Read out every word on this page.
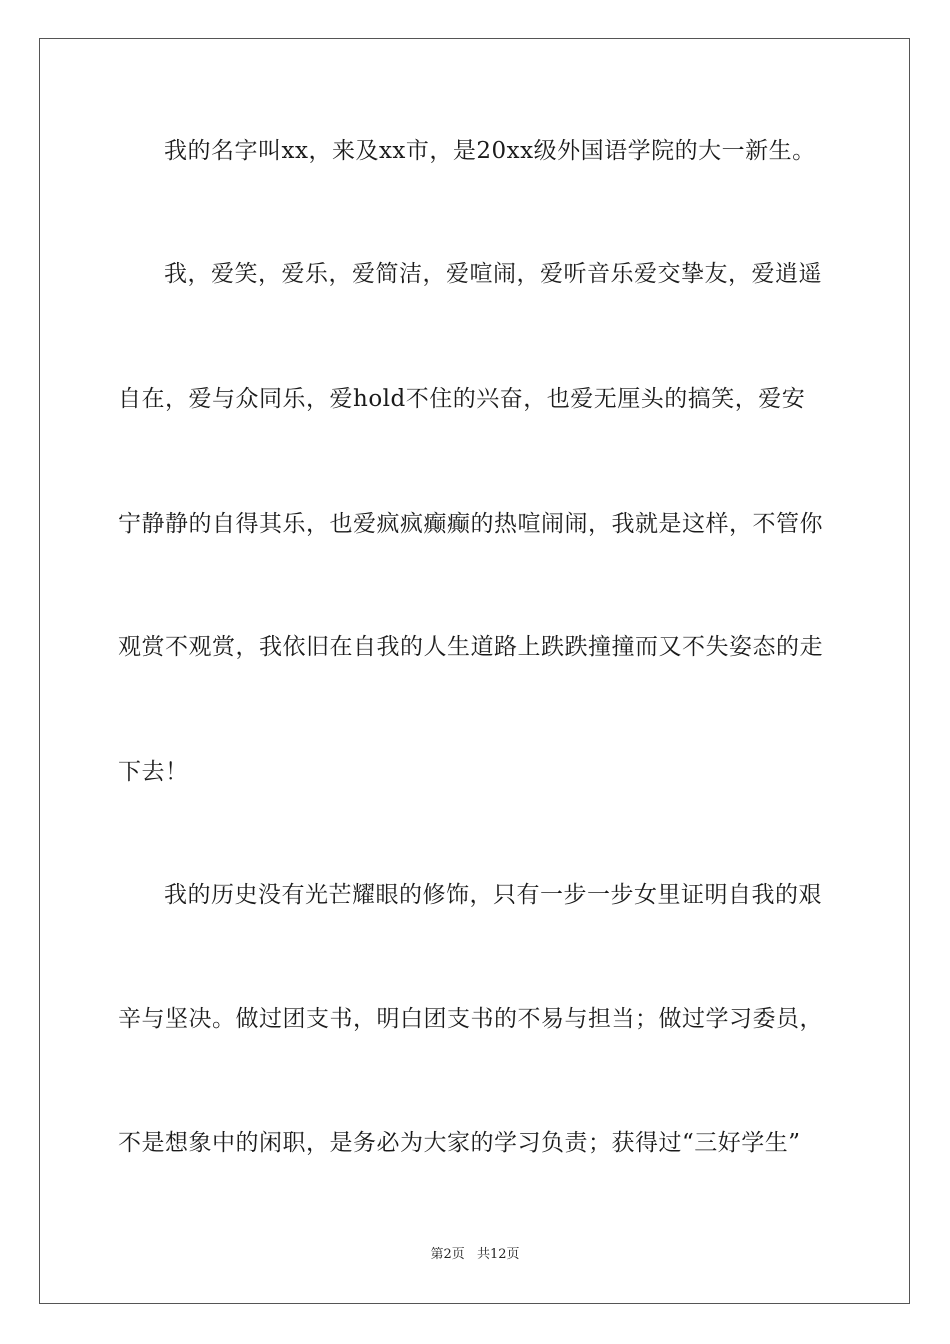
我的名字叫xx，来及xx市，是20xx级外国语学院的大一新生。
我，爱笑，爱乐，爱简洁，爱喧闹，爱听音乐爱交挚友，爱逍遥
自在，爱与众同乐，爱hold不住的兴奋，也爱无厘头的搞笑，爱安
宁静静的自得其乐，也爱疯疯癫癫的热喧闹闹，我就是这样，不管你
观赏不观赏，我依旧在自我的人生道路上跌跌撞撞而又不失姿态的走
下去！
我的历史没有光芒耀眼的修饰，只有一步一步女里证明自我的艰
辛与坚决。做过团支书，明白团支书的不易与担当；做过学习委员，
不是想象中的闲职，是务必为大家的学习负责；获得过“三好学生”
第2页 共12页
